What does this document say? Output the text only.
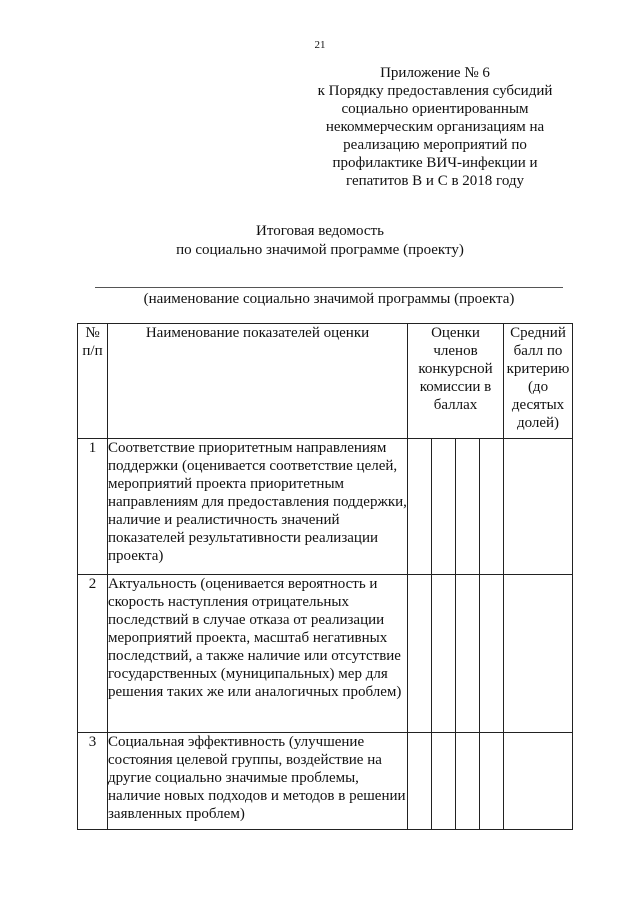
21
Приложение № 6
к Порядку предоставления субсидий
социально ориентированным
некоммерческим организациям на
реализацию мероприятий по
профилактике ВИЧ-инфекции и
гепатитов В и С в 2018 году
Итоговая ведомость
по социально значимой программе (проекту)
(наименование социально значимой программы (проекта)
№ п/п	Наименование показателей оценки	Оценки членов конкурсной комиссии в баллах				Средний балл по критерию (до десятых долей)
1	Соответствие приоритетным направлениям поддержки (оценивается соответствие целей, мероприятий проекта приоритетным направлениям для предоставления поддержки, наличие и реалистичность значений показателей результативности реализации проекта)					
2	Актуальность (оценивается вероятность и скорость наступления отрицательных последствий в случае отказа от реализации мероприятий проекта, масштаб негативных последствий, а также наличие или отсутствие государственных (муниципальных) мер для решения таких же или аналогичных проблем)					
3	Социальная эффективность (улучшение состояния целевой группы, воздействие на другие социально значимые проблемы, наличие новых подходов и методов в решении заявленных проблем)					
